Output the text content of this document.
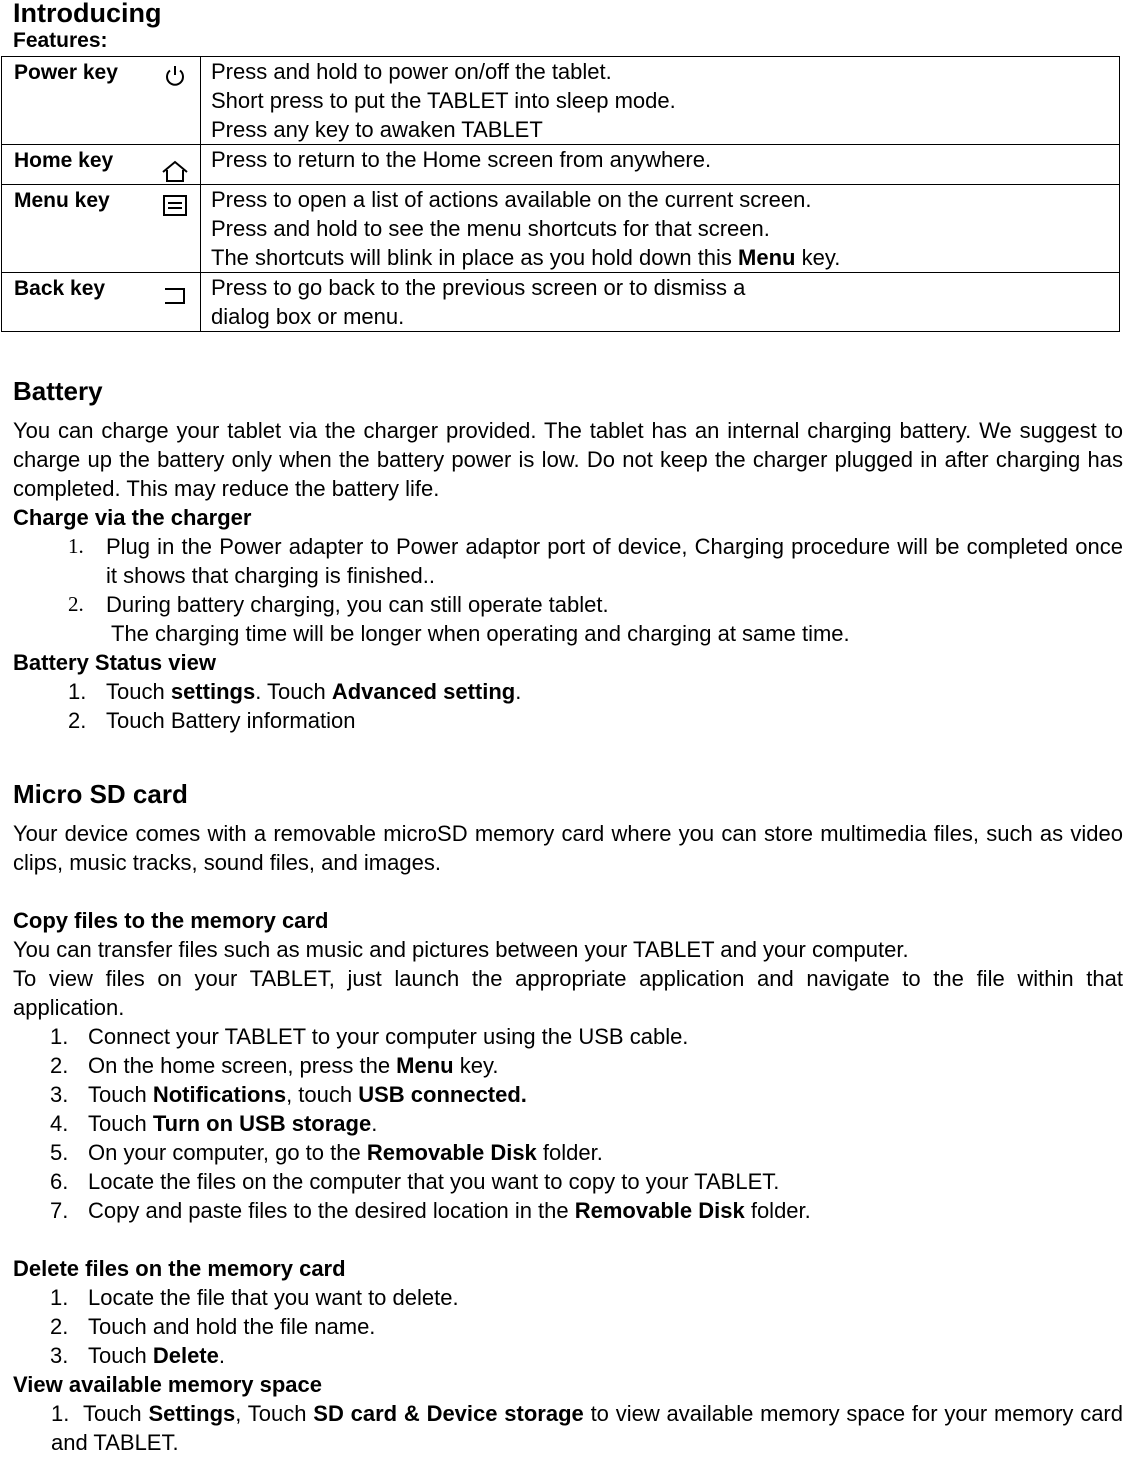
Introducing

Features:

Power key	Press and hold to power on/off the tablet.
Short press to put the TABLET into sleep mode.
Press any key to awaken TABLET

Home key	Press to return to the Home screen from anywhere.

Menu key	Press to open a list of actions available on the current screen.
Press and hold to see the menu shortcuts for that screen.
The shortcuts will blink in place as you hold down this Menu key.

Back key	Press to go back to the previous screen or to dismiss a
dialog box or menu.
Battery

You can charge your tablet via the charger provided. The tablet has an internal charging battery. We suggest to charge up the battery only when the battery power is low. Do not keep the charger plugged in after charging has completed. This may reduce the battery life.

Charge via the charger

1. Plug in the Power adapter to Power adaptor port of device, Charging procedure will be completed once it shows that charging is finished..
2. During battery charging, you can still operate tablet.

The charging time will be longer when operating and charging at same time.

Battery Status view

1. Touch settings. Touch Advanced setting.
2. Touch Battery information
Micro SD card

Your device comes with a removable microSD memory card where you can store multimedia files, such as video clips, music tracks, sound files, and images.

Copy files to the memory card

You can transfer files such as music and pictures between your TABLET and your computer.

To view files on your TABLET, just launch the appropriate application and navigate to the file within that application.

1. Connect your TABLET to your computer using the USB cable.
2. On the home screen, press the Menu key.
3. Touch Notifications, touch USB connected.
4. Touch Turn on USB storage.
5. On your computer, go to the Removable Disk folder.
6. Locate the files on the computer that you want to copy to your TABLET.
7. Copy and paste files to the desired location in the Removable Disk folder.

Delete files on the memory card

1. Locate the file that you want to delete.
2. Touch and hold the file name.
3. Touch Delete.

View available memory space

1. Touch Settings, Touch SD card & Device storage to view available memory space for your memory card and TABLET.
